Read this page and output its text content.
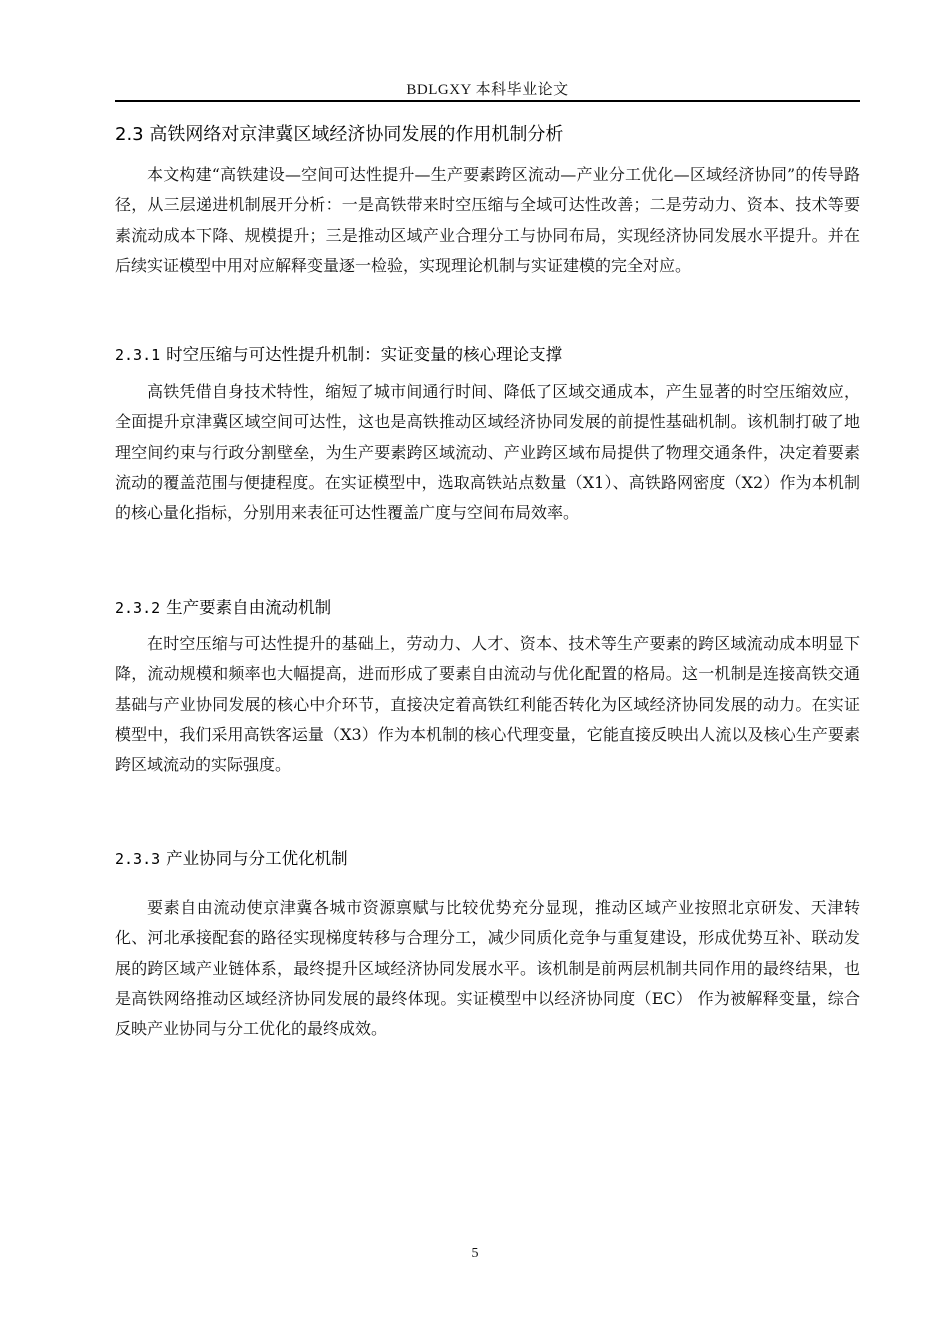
BDLGXY 本科毕业论文
2.3 高铁网络对京津冀区域经济协同发展的作用机制分析

本文构建“高铁建设—空间可达性提升—生产要素跨区流动—产业分工优化—区域经济协同”的传导路径，从三层递进机制展开分析：一是高铁带来时空压缩与全域可达性改善；二是劳动力、资本、技术等要素流动成本下降、规模提升；三是推动区域产业合理分工与协同布局，实现经济协同发展水平提升。并在后续实证模型中用对应解释变量逐一检验，实现理论机制与实证建模的完全对应。

2.3.1 时空压缩与可达性提升机制：实证变量的核心理论支撑

高铁凭借自身技术特性，缩短了城市间通行时间、降低了区域交通成本，产生显著的时空压缩效应，全面提升京津冀区域空间可达性，这也是高铁推动区域经济协同发展的前提性基础机制。该机制打破了地理空间约束与行政分割壁垒，为生产要素跨区域流动、产业跨区域布局提供了物理交通条件，决定着要素流动的覆盖范围与便捷程度。在实证模型中，选取高铁站点数量（X1）、高铁路网密度（X2）作为本机制的核心量化指标，分别用来表征可达性覆盖广度与空间布局效率。

2.3.2 生产要素自由流动机制

在时空压缩与可达性提升的基础上，劳动力、人才、资本、技术等生产要素的跨区域流动成本明显下降，流动规模和频率也大幅提高，进而形成了要素自由流动与优化配置的格局。这一机制是连接高铁交通基础与产业协同发展的核心中介环节，直接决定着高铁红利能否转化为区域经济协同发展的动力。在实证模型中，我们采用高铁客运量（X3）作为本机制的核心代理变量，它能直接反映出人流以及核心生产要素跨区域流动的实际强度。

2.3.3 产业协同与分工优化机制

要素自由流动使京津冀各城市资源禀赋与比较优势充分显现，推动区域产业按照北京研发、天津转化、河北承接配套的路径实现梯度转移与合理分工，减少同质化竞争与重复建设，形成优势互补、联动发展的跨区域产业链体系，最终提升区域经济协同发展水平。该机制是前两层机制共同作用的最终结果，也是高铁网络推动区域经济协同发展的最终体现。实证模型中以经济协同度（EC） 作为被解释变量，综合反映产业协同与分工优化的最终成效。

5
